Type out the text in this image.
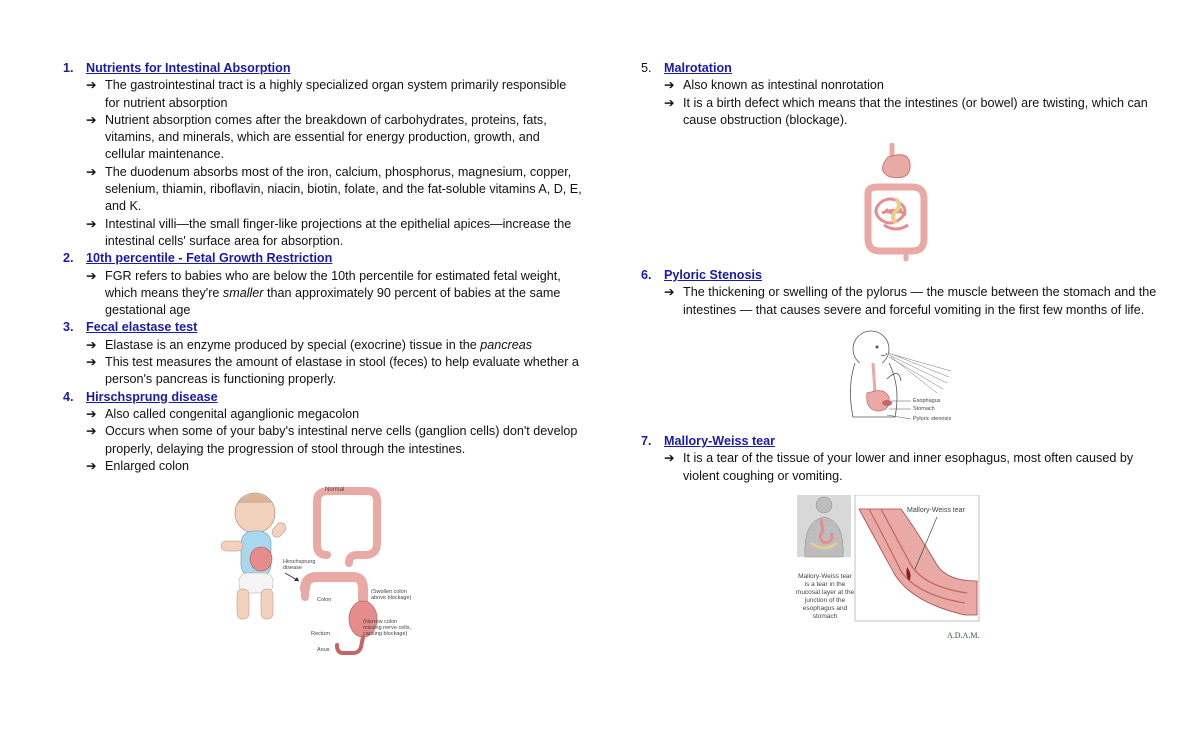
1. Nutrients for Intestinal Absorption
➔ The gastrointestinal tract is a highly specialized organ system primarily responsible for nutrient absorption
➔ Nutrient absorption comes after the breakdown of carbohydrates, proteins, fats, vitamins, and minerals, which are essential for energy production, growth, and cellular maintenance.
➔ The duodenum absorbs most of the iron, calcium, phosphorus, magnesium, copper, selenium, thiamin, riboflavin, niacin, biotin, folate, and the fat-soluble vitamins A, D, E, and K.
➔ Intestinal villi—the small finger-like projections at the epithelial apices—increase the intestinal cells' surface area for absorption.
2. 10th percentile - Fetal Growth Restriction
➔ FGR refers to babies who are below the 10th percentile for estimated fetal weight, which means they're smaller than approximately 90 percent of babies at the same gestational age
3. Fecal elastase test
➔ Elastase is an enzyme produced by special (exocrine) tissue in the pancreas
➔ This test measures the amount of elastase in stool (feces) to help evaluate whether a person's pancreas is functioning properly.
4. Hirschsprung disease
➔ Also called congenital aganglionic megacolon
➔ Occurs when some of your baby's intestinal nerve cells (ganglion cells) don't develop properly, delaying the progression of stool through the intestines.
➔ Enlarged colon
Normal
Hirschsprung disease
Colon
(Swollen colon above blockage)
(Narrow colon missing nerve cells, causing blockage)
Rectum
Anus
5. Malrotation
➔ Also known as intestinal nonrotation
➔ It is a birth defect which means that the intestines (or bowel) are twisting, which can cause obstruction (blockage).
6. Pyloric Stenosis
➔ The thickening or swelling of the pylorus — the muscle between the stomach and the intestines — that causes severe and forceful vomiting in the first few months of life.
Esophagus
Stomach
Pyloric stenosis
7. Mallory-Weiss tear
➔ It is a tear of the tissue of your lower and inner esophagus, most often caused by violent coughing or vomiting.
Mallory-Weiss tear
Mallory-Weiss tear is a tear in the mucosal layer at the junction of the esophagus and stomach
A.D.A.M.
